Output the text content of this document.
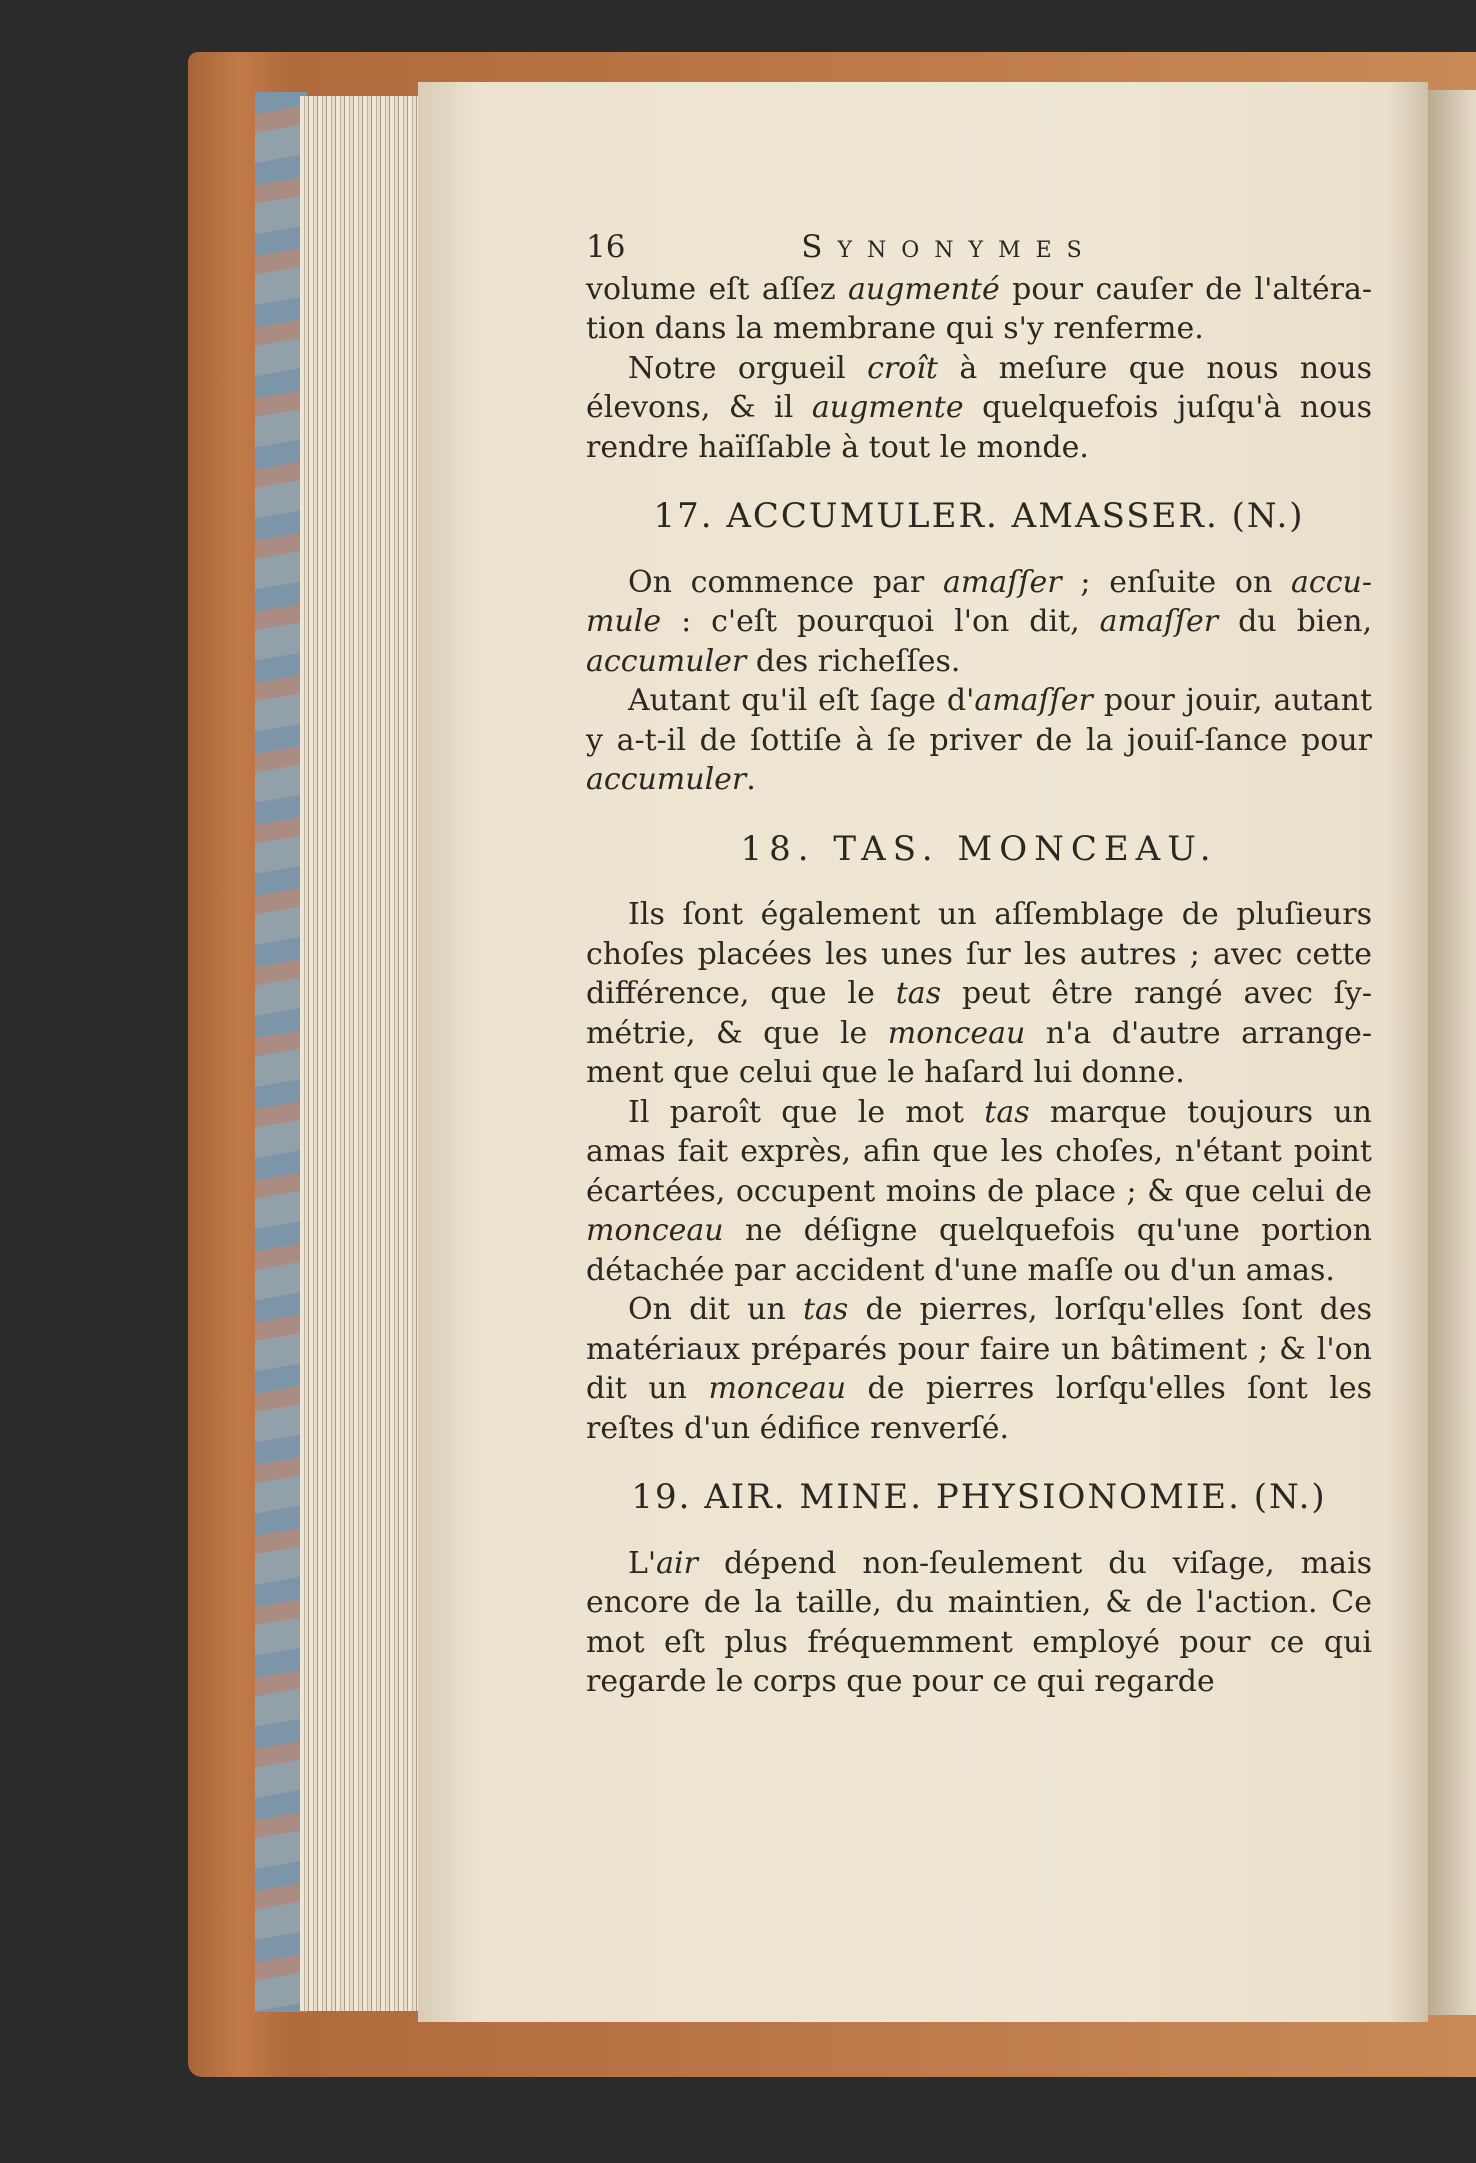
16	Synonymes

volume eſt aſſez augmenté pour cauſer de l'altéra-tion dans la membrane qui s'y renferme.

Notre orgueil croît à meſure que nous nous élevons, & il augmente quelquefois juſqu'à nous rendre haïſſable à tout le monde.

17. ACCUMULER. AMASSER. (N.)

On commence par amaſſer ; enſuite on accu-mule : c'eſt pourquoi l'on dit, amaſſer du bien, accumuler des richeſſes.

Autant qu'il eſt ſage d'amaſſer pour jouir, autant y a-t-il de ſottiſe à ſe priver de la jouiſ-ſance pour accumuler.

18. TAS. MONCEAU.

Ils ſont également un aſſemblage de pluſieurs choſes placées les unes ſur les autres ; avec cette différence, que le tas peut être rangé avec ſy-métrie, & que le monceau n'a d'autre arrange-ment que celui que le haſard lui donne.

Il paroît que le mot tas marque toujours un amas fait exprès, afin que les choſes, n'étant point écartées, occupent moins de place ; & que celui de monceau ne déſigne quelquefois qu'une portion détachée par accident d'une maſſe ou d'un amas.

On dit un tas de pierres, lorſqu'elles ſont des matériaux préparés pour faire un bâtiment ; & l'on dit un monceau de pierres lorſqu'elles ſont les reſtes d'un édifice renverſé.

19. AIR. MINE. PHYSIONOMIE. (N.)

L'air dépend non-ſeulement du viſage, mais encore de la taille, du maintien, & de l'action. Ce mot eſt plus fréquemment employé pour ce qui regarde le corps que pour ce qui regarde
